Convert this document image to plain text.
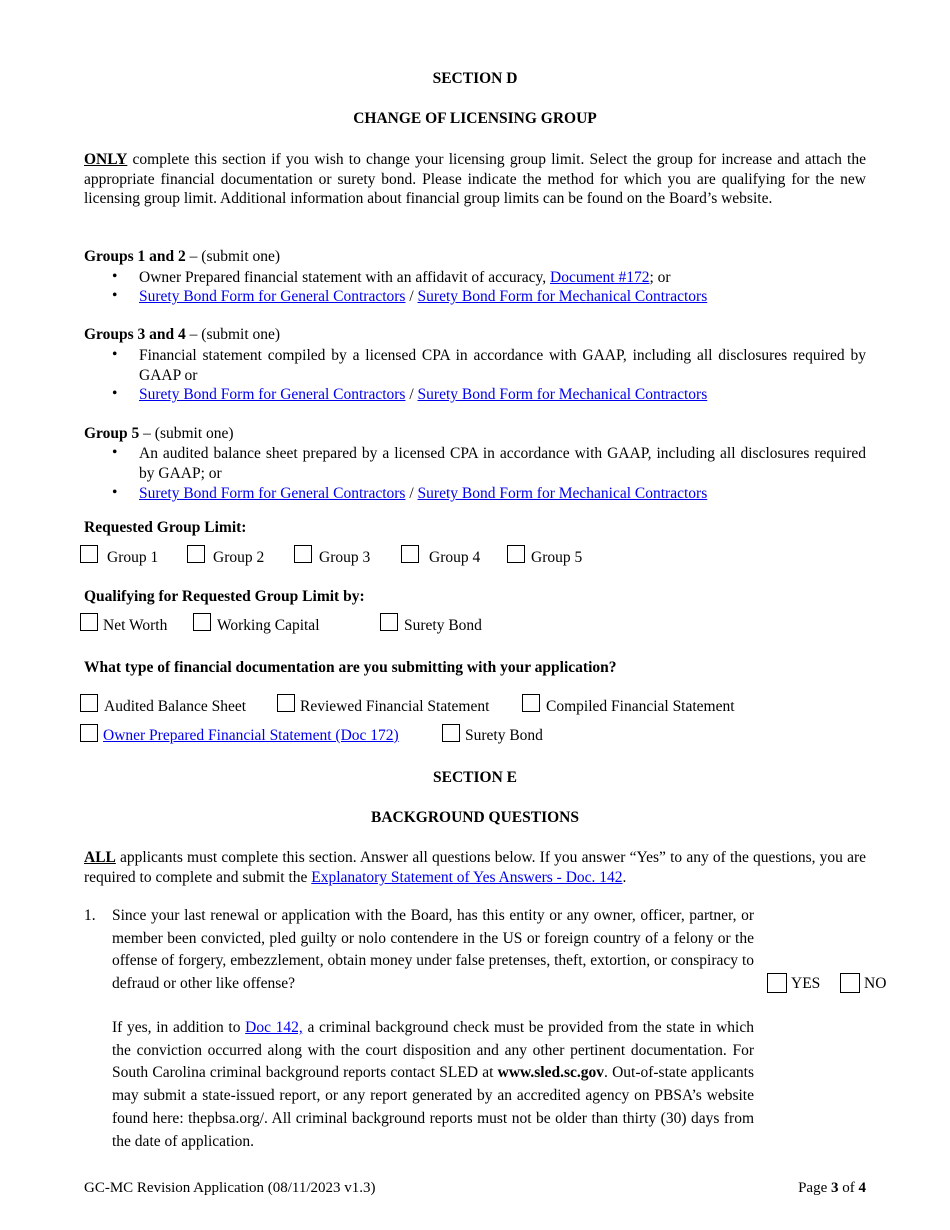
SECTION D
CHANGE OF LICENSING GROUP
ONLY complete this section if you wish to change your licensing group limit. Select the group for increase and attach the appropriate financial documentation or surety bond. Please indicate the method for which you are qualifying for the new licensing group limit. Additional information about financial group limits can be found on the Board’s website.
Groups 1 and 2 – (submit one)
• Owner Prepared financial statement with an affidavit of accuracy, Document #172; or
• Surety Bond Form for General Contractors / Surety Bond Form for Mechanical Contractors
Groups 3 and 4 – (submit one)
• Financial statement compiled by a licensed CPA in accordance with GAAP, including all disclosures required by GAAP or
• Surety Bond Form for General Contractors / Surety Bond Form for Mechanical Contractors
Group 5 – (submit one)
• An audited balance sheet prepared by a licensed CPA in accordance with GAAP, including all disclosures required by GAAP; or
• Surety Bond Form for General Contractors / Surety Bond Form for Mechanical Contractors
Requested Group Limit:
Group 1	Group 2	Group 3	Group 4	Group 5
Qualifying for Requested Group Limit by:
Net Worth	Working Capital	Surety Bond
What type of financial documentation are you submitting with your application?
Audited Balance Sheet	Reviewed Financial Statement	Compiled Financial Statement
Owner Prepared Financial Statement (Doc 172)	Surety Bond
SECTION E
BACKGROUND QUESTIONS
ALL applicants must complete this section. Answer all questions below. If you answer “Yes” to any of the questions, you are required to complete and submit the Explanatory Statement of Yes Answers - Doc. 142.
1. Since your last renewal or application with the Board, has this entity or any owner, officer, partner, or member been convicted, pled guilty or nolo contendere in the US or foreign country of a felony or the offense of forgery, embezzlement, obtain money under false pretenses, theft, extortion, or conspiracy to defraud or other like offense?	YES	NO
If yes, in addition to Doc 142, a criminal background check must be provided from the state in which the conviction occurred along with the court disposition and any other pertinent documentation. For South Carolina criminal background reports contact SLED at www.sled.sc.gov. Out-of-state applicants may submit a state-issued report, or any report generated by an accredited agency on PBSA’s website found here: thepbsa.org/. All criminal background reports must not be older than thirty (30) days from the date of application.
GC-MC Revision Application (08/11/2023 v1.3)	Page 3 of 4
